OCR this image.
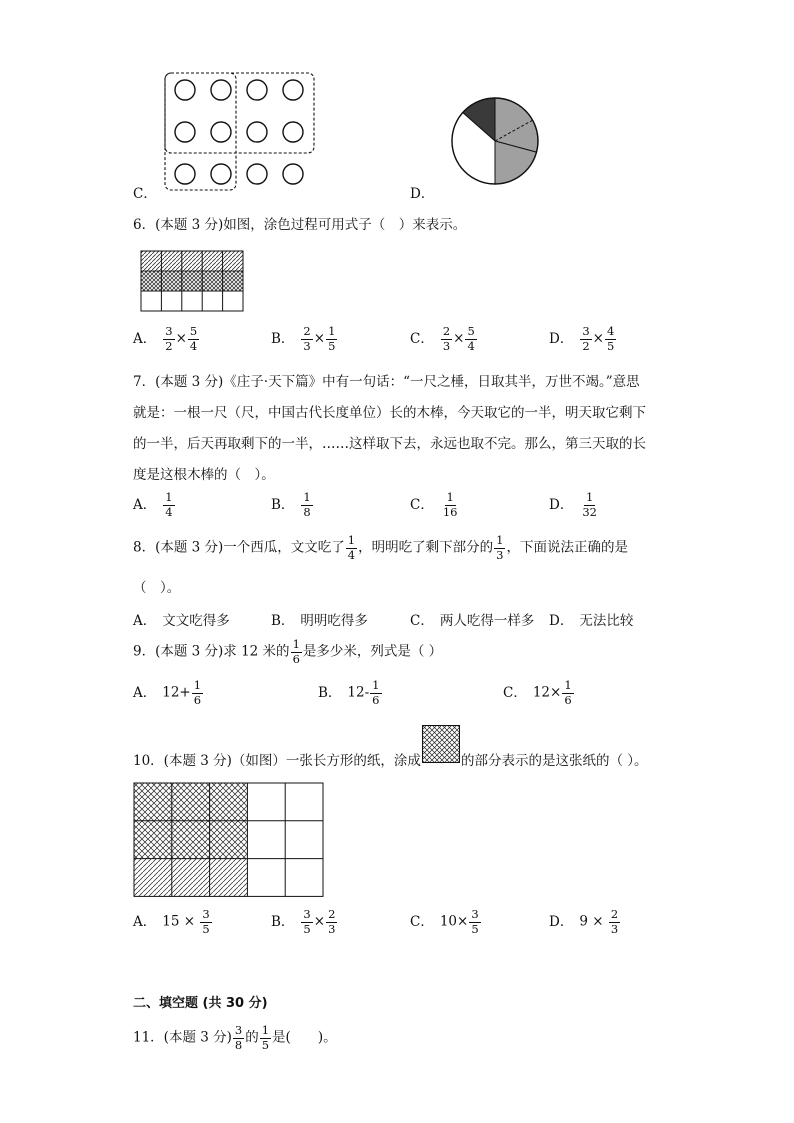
C．	D．
6．(本题 3 分)如图，涂色过程可用式子（　）来表示。
A． $\frac{3}{2} \times \frac{5}{4}$	B． $\frac{2}{3} \times \frac{1}{5}$	C． $\frac{2}{3} \times \frac{5}{4}$	D． $\frac{3}{2} \times \frac{4}{5}$
7．(本题 3 分)《庄子·天下篇》中有一句话：“一尺之棰，日取其半，万世不竭。”意思
就是：一根一尺（尺，中国古代长度单位）长的木棒，今天取它的一半，明天取它剩下
的一半，后天再取剩下的一半，……这样取下去，永远也取不完。那么，第三天取的长
度是这根木棒的（　）。
A． $\frac{1}{4}$	B． $\frac{1}{8}$	C． $\frac{1}{16}$	D． $\frac{1}{32}$
8．(本题 3 分)一个西瓜，文文吃了 $\frac{1}{4}$ ，明明吃了剩下部分的 $\frac{1}{3}$ ，下面说法正确的是
（　）。
A． 文文吃得多	B． 明明吃得多	C． 两人吃得一样多 D． 无法比较
9．(本题 3 分)求 12 米的 $\frac{1}{6}$ 是多少米，列式是（ ）
A． $12+ \frac{1}{6}$	B． $12- \frac{1}{6}$	C． $12\times \frac{1}{6}$
10．(本题 3 分)（如图）一张长方形的纸，涂成	的部分表示的是这张纸的（ ）。
A． $15 \times \frac{3}{5}$	B． $\frac{3}{5} \times \frac{2}{3}$	C． $10\times \frac{3}{5}$	D． $9 \times \frac{2}{3}$
二、填空题 (共 30 分)
11．(本题 3 分) $\frac{3}{8}$ 的 $\frac{1}{5}$ 是(　　)。
